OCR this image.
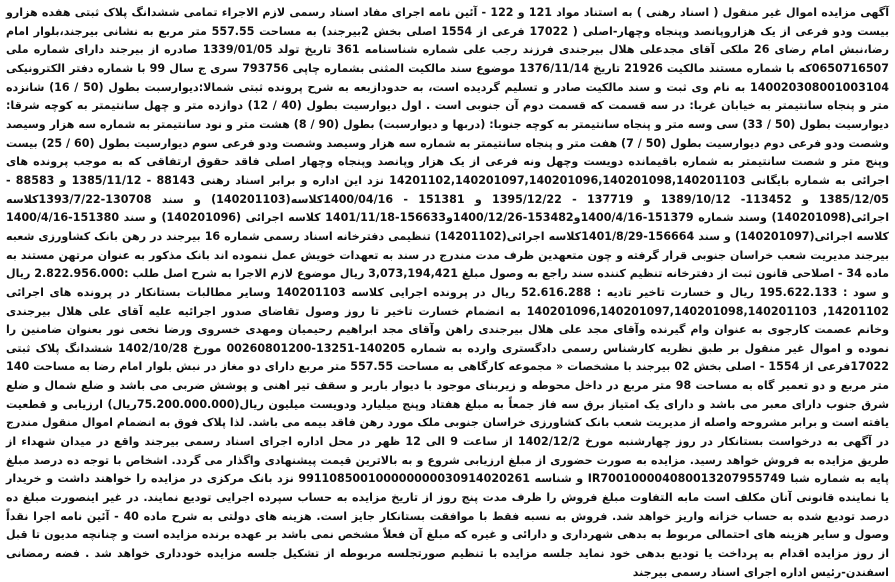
آگهی مزایده اموال غیر منقول ( اسناد رهنی ) به استناد مواد 121 و 122 - آئین نامه اجرای مفاد اسناد رسمی لازم الاجراء تمامی ششدانگ پلاک ثبتی هفده هزارو بیست ودو فرعی از یک هزاروپانصد وپنجاه وچهار-اصلی ( 17022 فرعی از 1554 اصلی بخش 2بیرجند) به مساحت 557.55 متر مربع به نشانی بیرجند،بلوار امام رضا،نبش امام رضای 26 ملکی آقای مجدعلی هلال بیرجندی فرزند رجب علی شماره شناسنامه 361 تاریخ تولد 1339/01/05 صادره از بیرجند دارای شماره ملی 0650716507که با شماره مستند مالکیت 21926 تاریخ 1376/11/14 موضوع سند مالکیت المثنی بشماره چاپی 793756 سری ج سال 99 با شماره دفتر الکترونیکی 140020308001003104 به نام وی ثبت و سند مالکیت صادر و تسلیم گردیده است، به حدودازبعه به شرح پرونده ثبتی شمالا:دیوارسبت بطول (50 / 16) شانزده متر و پنجاه سانتیمتر به خیابان غربا: در سه قسمت که قسمت دوم آن جنوبی است . اول دیوارسیت بطول (40 / 12) دوازده متر و چهل سانتیمتر به کوچه شرقا: دیوارسیت بطول (50 / 33) سی وسه متر و پنجاه سانتیمتر به کوچه جنوبا: (دربها و دیوارسبت) بطول (90 / 8) هشت متر و نود سانتیمتر به شماره سه هزار وسیصد وشصت ودو فرعی دوم دیوارسیت بطول (50 / 7) هفت متر و پنجاه سانتیمتر به شماره سه هزار وسیصد وشصت ودو فرعی سوم دیوارسیت بطول (60 / 25) بیست وپنج متر و شصت سانتیمتر به شماره باقیمانده دویست وچهل ونه فرعی از یک هزار وپانصد وپنجاه وچهار اصلی فاقد حقوق ارتفاقی که به موجب پرونده های اجرائی به شماره بایگانی 14201102,140201097,140201096,140201098,140201103 نزد این اداره و برابر اسناد رهنی 88143 - 1385/11/12 و 88583 - 1385/12/05 و 113452- 1389/10/12 و 137719 - 1395/12/22 و 151381 - 1400/04/16کلاسه(140201103) و سند 130708-1393/7/22کلاسه اجرائی(140201098) وسند شماره 151379-1400/4/16و153482-1400/12/26و156633-1401/11/18 کلاسه اجرائی (140201096) و سند 151380-1400/4/16 کلاسه اجرائی(140201097) و سند 156664-1401/8/29کلاسه اجرائی(14201102) تنظیمی دفترخانه اسناد رسمی شماره 16 بیرجند در رهن بانک کشاورزی شعبه بیرجند مدیریت شعب خراسان جنوبی قرار گرفته و چون متعهدین ظرف مدت مندرج در سند به تعهدات خویش عمل ننموده اند بانک مذکور به عنوان مرتهن مستند به ماده 34 - اصلاحی قانون ثبت از دفترخانه تنظیم کننده سند راجع به وصول مبلغ 3,073,194,421 ریال موضوع لازم الاجرا به شرح اصل طلب :2.822.956.000 ریال و سود : 195.622.133 ریال و خسارت تاخیر تادیه : 52.616.288 ریال در پرونده اجرایی کلاسه 140201103 وسایر مطالبات بستانکار در پرونده های اجرائی 14201102, 140201096,140201097,140201098,140201103 به انضمام خسارت تاخیر تا روز وصول تقاضای صدور اجرائیه علیه آقای علی هلال بیرجندی وخانم عصمت کارجوی به عنوان وام گیرنده وآقای مجد علی هلال بیرجندی راهن وآقای مجد ابراهیم رحیمیان ومهدی خسروی ورضا نخعی نور بعنوان ضامنین را نموده و اموال غیر منقول بر طبق نظریه کارشناس رسمی دادگستری وارده به شماره 140205-13251-00260801200 مورخ 1402/10/28 ششدانگ پلاک ثبتی 17022فرعی از 1554 - اصلی بخش 02 بیرجند با مشخصات « مجموعه کارگاهی به مساحت 557.55 متر مربع دارای دو مغاز در نبش بلوار امام رضا به مساحت 140 متر مربع و دو تعمیر گاه به مساحت 98 متر مربع در داخل محوطه و زیربنای موجود با دیوار باربر و سقف تیر اهنی و پوشش ضربی می باشد و ضلع شمال و ضلع شرق جنوب دارای معبر می باشد و دارای یک امتیاز برق سه فاز جمعاً به مبلغ هفتاد وپنج میلیارد ودویست میلیون ریال(75.200.000.000ریال) ارزیابی و قطعیت یافته است و برابر مشروحه واصله از مدیریت شعب بانک کشاورزی خراسان جنوبی ملک مورد رهن فاقد بیمه می باشد. لذا پلاک فوق به انضمام اموال منقول مندرج در آگهی به درخواست بستانکار در روز چهارشنبه مورخ 1402/12/2 از ساعت 9 الی 12 ظهر در محل اداره اجرای اسناد رسمی بیرجند واقع در میدان شهداء از طریق مزایده به فروش خواهد رسید. مزایده به صورت حضوری از مبلغ ارزیابی شروع و به بالاترین قیمت پیشنهادی واگذار می گردد. اشخاص با توجه ده درصد مبلغ پایه به شماره شبا IR700100004080013207955749 و شناسه 991108500100000000030914020261 نزد بانک مرکزی در مزایده را خواهند داشت و خریدار یا نماینده قانونی آنان مکلف است مابه التفاوت مبلغ فروش را ظرف مدت پنج روز از تاریخ مزایده به حساب سپرده اجرایی تودیع نمایند. در غیر اینصورت مبلغ ده درصد تودیع شده به حساب خزانه واریز خواهد شد. فروش به نسبه فقط با موافقت بستانکار جایز است. هزینه های دولتی به شرح ماده 40 - آئین نامه اجرا نقداً وصول و سایر هزینه های احتمالی مربوط به بدهی شهرداری و دارائی و غیره که مبلغ آن فعلاً مشخص نمی باشد بر عهده برنده مزایده است و چنانچه مدیون تا قبل از روز مزایده اقدام به پرداخت یا تودیع بدهی خود نماید جلسه مزایده با تنظیم صورتجلسه مربوطه از تشکیل جلسه مزایده خودداری خواهد شد . فضه رمضانی اسفندن-رئیس اداره اجرای اسناد رسمی بیرجند
